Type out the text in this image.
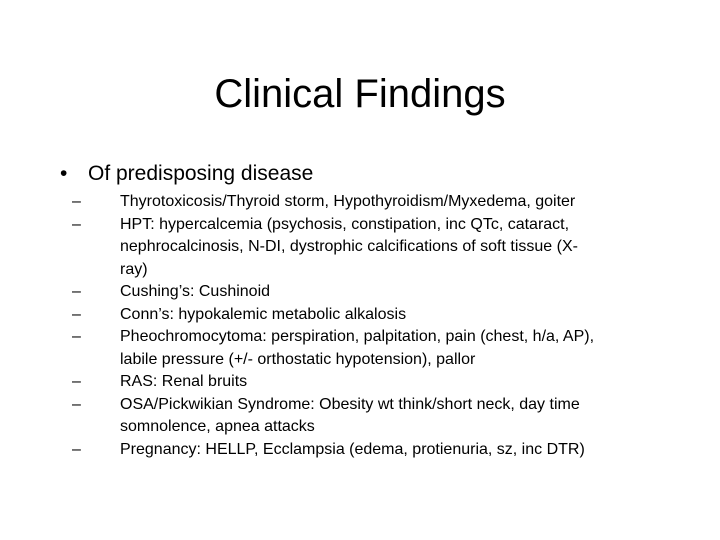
Clinical Findings
• Of predisposing disease
– Thyrotoxicosis/Thyroid storm, Hypothyroidism/Myxedema, goiter
– HPT: hypercalcemia (psychosis, constipation, inc QTc, cataract,
nephrocalcinosis, N-DI, dystrophic calcifications of soft tissue (X-
ray)
– Cushing’s: Cushinoid
– Conn’s: hypokalemic metabolic alkalosis
– Pheochromocytoma: perspiration, palpitation, pain (chest, h/a, AP),
labile pressure (+/- orthostatic hypotension), pallor
– RAS: Renal bruits
– OSA/Pickwikian Syndrome: Obesity wt think/short neck, day time
somnolence, apnea attacks
– Pregnancy: HELLP, Ecclampsia (edema, protienuria, sz, inc DTR)
